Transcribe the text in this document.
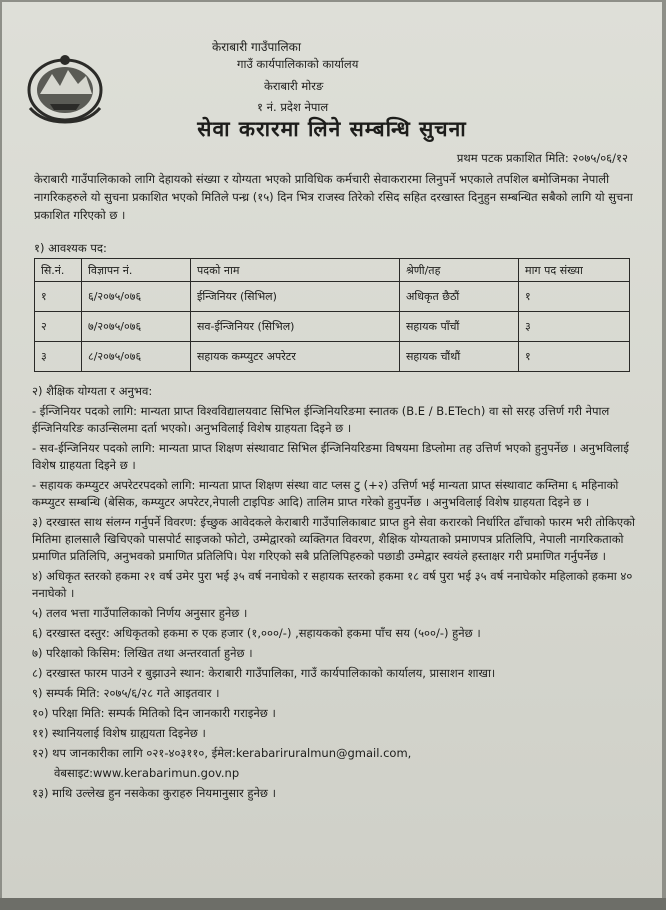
केराबारी गाउँपालिका
गाउँ कार्यपालिकाको कार्यालय
केराबारी मोरङ
१ नं. प्रदेश नेपाल
सेवा करारमा लिने सम्बन्धि सुचना
प्रथम पटक प्रकाशित मिति: २०७५/०६/१२
केराबारी गाउँपालिकाको लागि देहायको संख्या र योग्यता भएको प्राविधिक कर्मचारी सेवाकरारमा लिनुपर्ने भएकाले तपशिल बमोजिमका नेपाली नागरिकहरुले यो सुचना प्रकाशित भएको मितिले पन्ध्र (१५) दिन भित्र राजस्व तिरेको रसिद सहित दरखास्त दिनुहुन सम्बन्धित सबैको लागि यो सुचना प्रकाशित गरिएको छ ।
१) आवश्यक पद:
सि.नं.	विज्ञापन नं.	पदको नाम	श्रेणी/तह	माग पद संख्या
१	६/२०७५/०७६	ईन्जिनियर (सिभिल)	अधिकृत छैठौं	१
२	७/२०७५/०७६	सव-ईन्जिनियर (सिभिल)	सहायक पाँचौं	३
३	८/२०७५/०७६	सहायक कम्प्युटर अपरेटर	सहायक चौंथौं	१

२) शैक्षिक योग्यता र अनुभव:

- ईन्जिनियर पदको लागि: मान्यता प्राप्त विश्वविद्यालयवाट सिभिल ईन्जिनियरिङमा स्नातक (B.E / B.ETech) वा सो सरह उत्तिर्ण गरी नेपाल ईन्जिनियरिङ काउन्सिलमा दर्ता भएको। अनुभविलाई विशेष ग्राहयता दिइने छ ।

- सव-ईन्जिनियर पदको लागि: मान्यता प्राप्त शिक्षण संस्थावाट सिभिल ईन्जिनियरिङमा विषयमा डिप्लोमा तह उत्तिर्ण भएको हुनुपर्नेछ । अनुभविलाई विशेष ग्राहयता दिइने छ ।

- सहायक कम्प्युटर अपरेटरपदको लागि: मान्यता प्राप्त शिक्षण संस्था वाट प्लस टु (+२) उत्तिर्ण भई मान्यता प्राप्त संस्थावाट कम्तिमा ६ महिनाको कम्प्युटर सम्बन्धि (बेसिक, कम्प्युटर अपरेटर,नेपाली टाइपिङ आदि) तालिम प्राप्त गरेको हुनुपर्नेछ । अनुभविलाई विशेष ग्राहयता दिइने छ ।

३) दरखास्त साथ संलग्न गर्नुपर्ने विवरण: ईच्छुक आवेदकले केराबारी गाउँपालिकाबाट प्राप्त हुने सेवा करारको निर्धारित ढाँचाको फारम भरी तोकिएको मितिमा हालसालै खिचिएको पासपोर्ट साइजको फोटो, उम्मेद्वारको व्यक्तिगत विवरण, शैक्षिक योग्यताको प्रमाणपत्र प्रतिलिपि, नेपाली नागरिकताको प्रमाणित प्रतिलिपि, अनुभवको प्रमाणित प्रतिलिपि। पेश गरिएको सबै प्रतिलिपिहरुको पछाडी उम्मेद्वार स्वयंले हस्ताक्षर गरी प्रमाणित गर्नुपर्नेछ ।

४) अधिकृत स्तरको हकमा २१ वर्ष उमेर पुरा भई ३५ वर्ष ननाघेको र सहायक स्तरको हकमा १८ वर्ष पुरा भई ३५ वर्ष ननाघेकोर महिलाको हकमा ४० ननाघेको ।

५) तलव भत्ता गाउँपालिकाको निर्णय अनुसार हुनेछ ।

६) दरखास्त दस्तुर: अधिकृतको हकमा रु एक हजार (१,०००/-) ,सहायकको हकमा पाँच सय (५००/-) हुनेछ ।

७) परिक्षाको किसिम: लिखित तथा अन्तरवार्ता हुनेछ ।

८) दरखास्त फारम पाउने र बुझाउने स्थान: केराबारी गाउँपालिका, गाउँ कार्यपालिकाको कार्यालय, प्रासाशन शाखा।

९) सम्पर्क मिति: २०७५/६/२८ गते आइतवार ।

१०) परिक्षा मिति: सम्पर्क मितिको दिन जानकारी गराइनेछ ।

११) स्थानियलाई विशेष ग्राह्ययता दिइनेछ ।

१२) थप जानकारीका लागि ०२१-४०३११०, ईमेल:kerabariruralmun@gmail.com,

वेबसाइट:www.kerabarimun.gov.np

१३) माथि उल्लेख हुन नसकेका कुराहरु नियमानुसार हुनेछ ।
